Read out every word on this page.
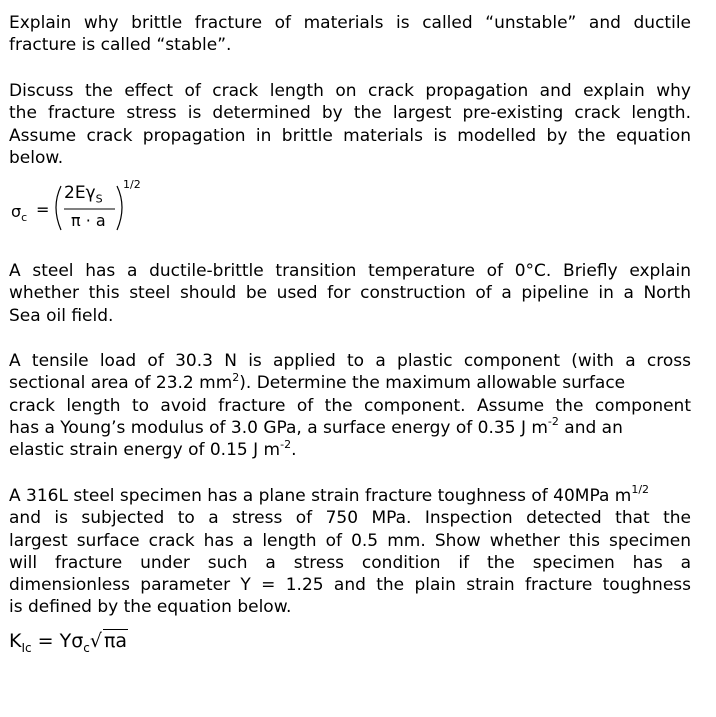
Explain why brittle fracture of materials is called “unstable” and ductile
fracture is called “stable”.
Discuss the effect of crack length on crack propagation and explain why
the fracture stress is determined by the largest pre-existing crack length.
Assume crack propagation in brittle materials is modelled by the equation
below.
$\sigma_c$ =
$2E\gamma_S$
π · a
1/2
A steel has a ductile-brittle transition temperature of 0°C. Briefly explain
whether this steel should be used for construction of a pipeline in a North
Sea oil field.
A tensile load of 30.3 N is applied to a plastic component (with a cross
sectional area of 23.2 $mm^2$). Determine the maximum allowable surface
crack length to avoid fracture of the component. Assume the component
has a Young’s modulus of 3.0 GPa, a surface energy of 0.35 J $m^{-2}$ and an
elastic strain energy of 0.15 J $m^{-2}$.
A 316L steel specimen has a plane strain fracture toughness of 40MPa $m^{1/2}$
and is subjected to a stress of 750 MPa. Inspection detected that the
largest surface crack has a length of 0.5 mm. Show whether this specimen
will fracture under such a stress condition if the specimen has a
dimensionless parameter Y = 1.25 and the plain strain fracture toughness
is defined by the equation below.
$K_{Ic} = Y\sigma_c√$ πa
